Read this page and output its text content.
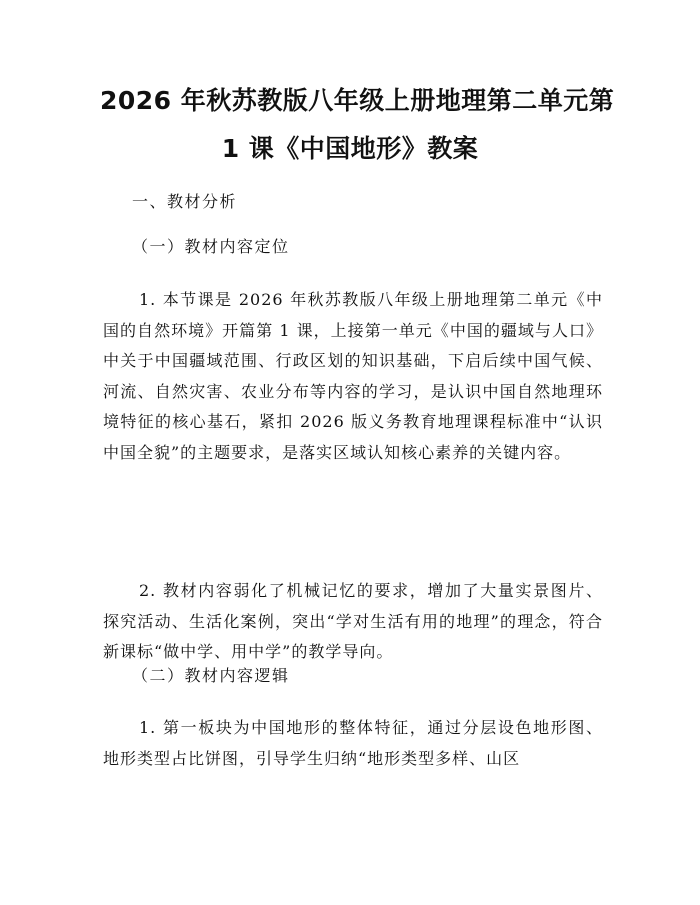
2026 年秋苏教版八年级上册地理第二单元第
1 课《中国地形》教案
一、教材分析
（一）教材内容定位
1. 本节课是 2026 年秋苏教版八年级上册地理第二单元《中国的自然环境》开篇第 1 课，上接第一单元《中国的疆域与人口》中关于中国疆域范围、行政区划的知识基础，下启后续中国气候、河流、自然灾害、农业分布等内容的学习，是认识中国自然地理环境特征的核心基石，紧扣 2026 版义务教育地理课程标准中“认识中国全貌”的主题要求，是落实区域认知核心素养的关键内容。
2. 教材内容弱化了机械记忆的要求，增加了大量实景图片、探究活动、生活化案例，突出“学对生活有用的地理”的理念，符合新课标“做中学、用中学”的教学导向。
（二）教材内容逻辑
1. 第一板块为中国地形的整体特征，通过分层设色地形图、地形类型占比饼图，引导学生归纳“地形类型多样、山区
